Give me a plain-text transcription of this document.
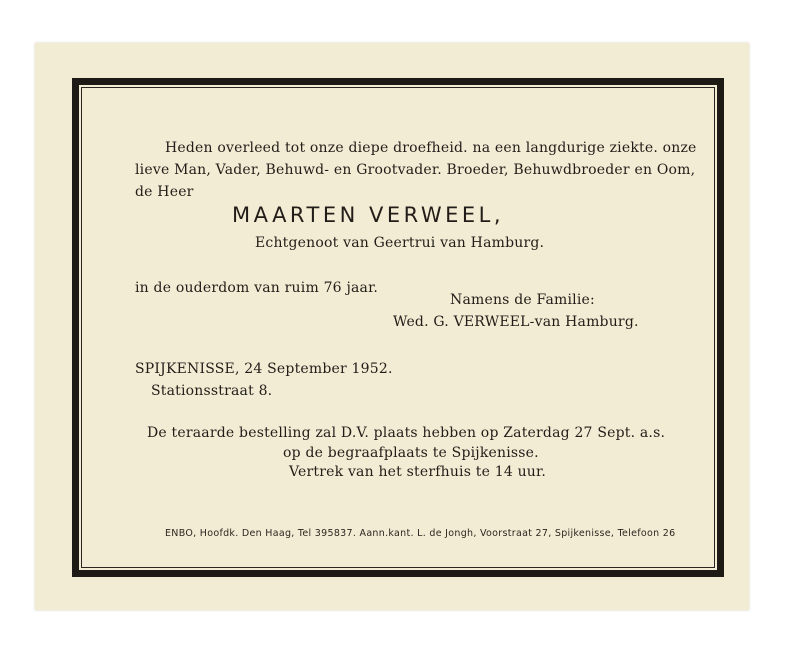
Heden overleed tot onze diepe droefheid. na een langdurige ziekte. onze
lieve Man, Vader, Behuwd- en Grootvader. Broeder, Behuwdbroeder en Oom,
de Heer
MAARTEN VERWEEL,
Echtgenoot van Geertrui van Hamburg.
in de ouderdom van ruim 76 jaar.
Namens de Familie:
Wed. G. VERWEEL-van Hamburg.
SPIJKENISSE, 24 September 1952.
Stationsstraat 8.
De teraarde bestelling zal D.V. plaats hebben op Zaterdag 27 Sept. a.s.
op de begraafplaats te Spijkenisse.
Vertrek van het sterfhuis te 14 uur.
ENBO, Hoofdk. Den Haag, Tel 395837. Aann.kant. L. de Jongh, Voorstraat 27, Spijkenisse, Telefoon 26
